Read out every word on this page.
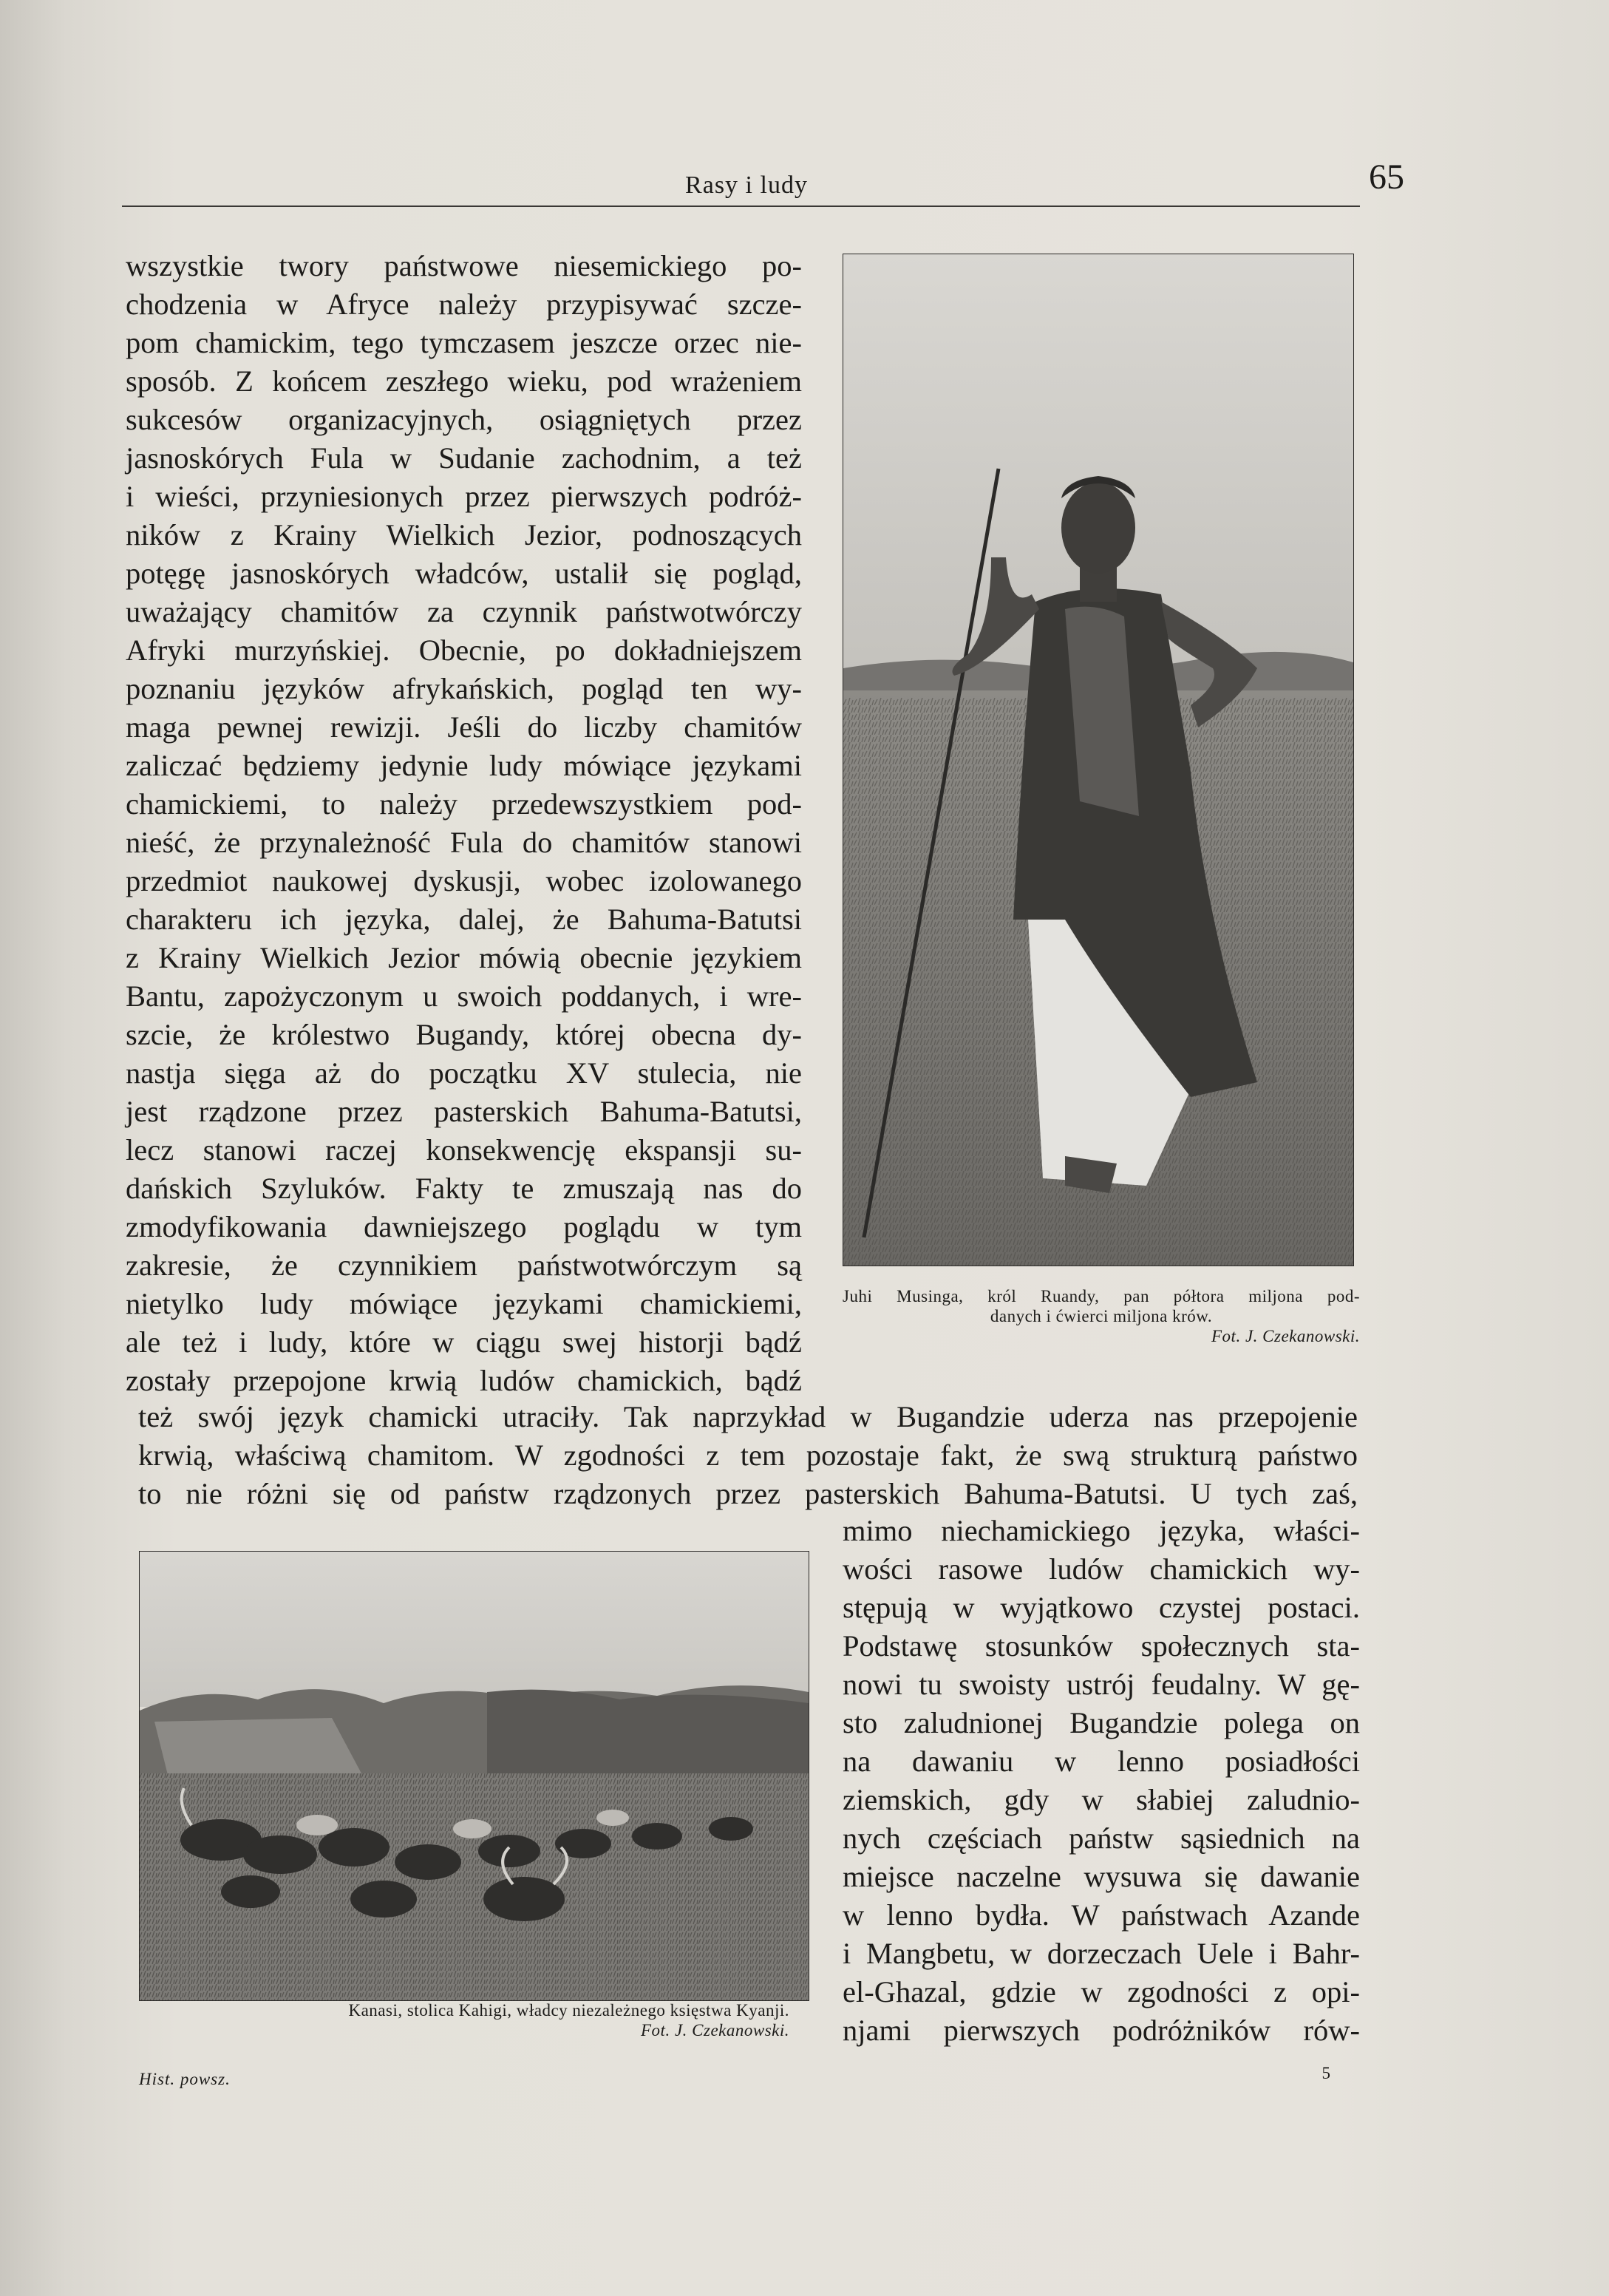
Rasy i ludy	65
wszystkie twory państwowe niesemickiego po-
chodzenia w Afryce należy przypisywać szcze-
pom chamickim, tego tymczasem jeszcze orzec nie-
sposób. Z końcem zeszłego wieku, pod wrażeniem
sukcesów organizacyjnych, osiągniętych przez
jasnoskórych Fula w Sudanie zachodnim, a też
i wieści, przyniesionych przez pierwszych podróż-
ników z Krainy Wielkich Jezior, podnoszących
potęgę jasnoskórych władców, ustalił się pogląd,
uważający chamitów za czynnik państwotwórczy
Afryki murzyńskiej. Obecnie, po dokładniejszem
poznaniu języków afrykańskich, pogląd ten wy-
maga pewnej rewizji. Jeśli do liczby chamitów
zaliczać będziemy jedynie ludy mówiące językami
chamickiemi, to należy przedewszystkiem pod-
nieść, że przynależność Fula do chamitów stanowi
przedmiot naukowej dyskusji, wobec izolowanego
charakteru ich języka, dalej, że Bahuma-Batutsi
z Krainy Wielkich Jezior mówią obecnie językiem
Bantu, zapożyczonym u swoich poddanych, i wre-
szcie, że królestwo Bugandy, której obecna dy-
nastja sięga aż do początku XV stulecia, nie
jest rządzone przez pasterskich Bahuma-Batutsi,
lecz stanowi raczej konsekwencję ekspansji su-
dańskich Szyluków. Fakty te zmuszają nas do
zmodyfikowania dawniejszego poglądu w tym
zakresie, że czynnikiem państwotwórczym są
nietylko ludy mówiące językami chamickiemi,
ale też i ludy, które w ciągu swej historji bądź
zostały przepojone krwią ludów chamickich, bądź
Juhi Musinga, król Ruandy, pan półtora miljona pod-
danych i ćwierci miljona krów.
Fot. J. Czekanowski.
też swój język chamicki utraciły. Tak naprzykład w Bugandzie uderza nas przepojenie
krwią, właściwą chamitom. W zgodności z tem pozostaje fakt, że swą strukturą państwo
to nie różni się od państw rządzonych przez pasterskich Bahuma-Batutsi. U tych zaś,
Kanasi, stolica Kahigi, władcy niezależnego księstwa Kyanji.
Fot. J. Czekanowski.
mimo niechamickiego języka, właści-
wości rasowe ludów chamickich wy-
stępują w wyjątkowo czystej postaci.
Podstawę stosunków społecznych sta-
nowi tu swoisty ustrój feudalny. W gę-
sto zaludnionej Bugandzie polega on
na dawaniu w lenno posiadłości
ziemskich, gdy w słabiej zaludnio-
nych częściach państw sąsiednich na
miejsce naczelne wysuwa się dawanie
w lenno bydła. W państwach Azande
i Mangbetu, w dorzeczach Uele i Bahr-
el-Ghazal, gdzie w zgodności z opi-
njami pierwszych podróżników rów-
Hist. powsz.	5
